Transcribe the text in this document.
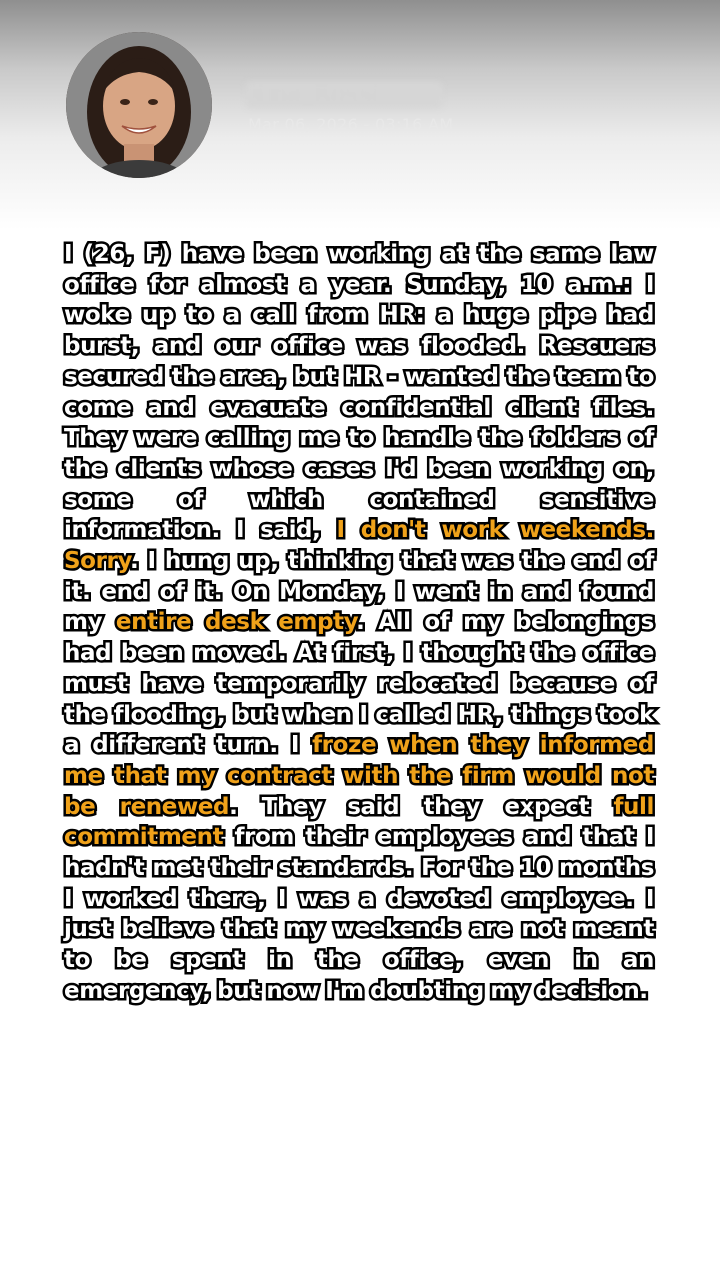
Mar 06, 2026 - 03:16 AM
I (26, F) have been working at the same law office for almost a year. Sunday, 10 a.m.: I woke up to a call from HR: a huge pipe had burst, and our office was flooded. Rescuers secured the area, but HR - wanted the team to come and evacuate confidential client files. They were calling me to handle the folders of the clients whose cases I'd been working on, some of which contained sensitive information. I said, I don't work weekends. Sorry. I hung up, thinking that was the end of it. end of it. On Monday, I went in and found my entire desk empty. All of my belongings had been moved. At first, I thought the office must have temporarily relocated because of the flooding, but when I called HR, things took a different turn. I froze when they informed me that my contract with the firm would not be renewed. They said they expect full commitment from their employees and that I hadn't met their standards. For the 10 months I worked there, I was a devoted employee. I just believe that my weekends are not meant to be spent in the office, even in an emergency, but now I'm doubting my decision.
